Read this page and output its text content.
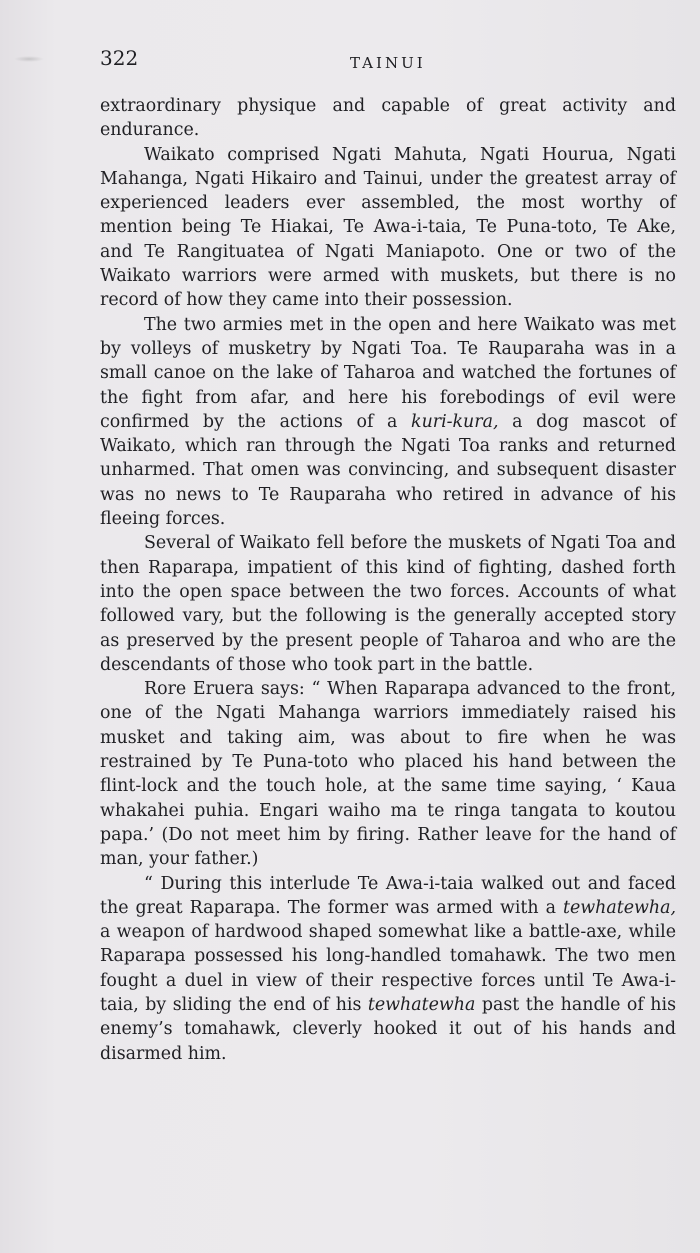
322	TAINUI

extraordinary physique and capable of great activity and endurance.

Waikato comprised Ngati Mahuta, Ngati Hourua, Ngati Mahanga, Ngati Hikairo and Tainui, under the greatest array of experienced leaders ever assembled, the most worthy of mention being Te Hiakai, Te Awa-i-taia, Te Puna-toto, Te Ake, and Te Rangituatea of Ngati Maniapoto. One or two of the Waikato warriors were armed with muskets, but there is no record of how they came into their possession.

The two armies met in the open and here Waikato was met by volleys of musketry by Ngati Toa. Te Rauparaha was in a small canoe on the lake of Taharoa and watched the fortunes of the fight from afar, and here his forebodings of evil were confirmed by the actions of a kuri-kura, a dog mascot of Waikato, which ran through the Ngati Toa ranks and returned unharmed. That omen was convincing, and subsequent disaster was no news to Te Rauparaha who retired in advance of his fleeing forces.

Several of Waikato fell before the muskets of Ngati Toa and then Raparapa, impatient of this kind of fighting, dashed forth into the open space between the two forces. Accounts of what followed vary, but the following is the generally accepted story as preserved by the present people of Taharoa and who are the descendants of those who took part in the battle.

Rore Eruera says: “ When Raparapa advanced to the front, one of the Ngati Mahanga warriors immediately raised his musket and taking aim, was about to fire when he was restrained by Te Puna-toto who placed his hand between the flint-lock and the touch hole, at the same time saying, ‘ Kaua whakahei puhia. Engari waiho ma te ringa tangata to koutou papa.’ (Do not meet him by firing. Rather leave for the hand of man, your father.)

“ During this interlude Te Awa-i-taia walked out and faced the great Raparapa. The former was armed with a tewhatewha, a weapon of hardwood shaped somewhat like a battle-axe, while Raparapa possessed his long-handled tomahawk. The two men fought a duel in view of their respective forces until Te Awa-i-taia, by sliding the end of his tewhatewha past the handle of his enemy’s tomahawk, cleverly hooked it out of his hands and disarmed him.
